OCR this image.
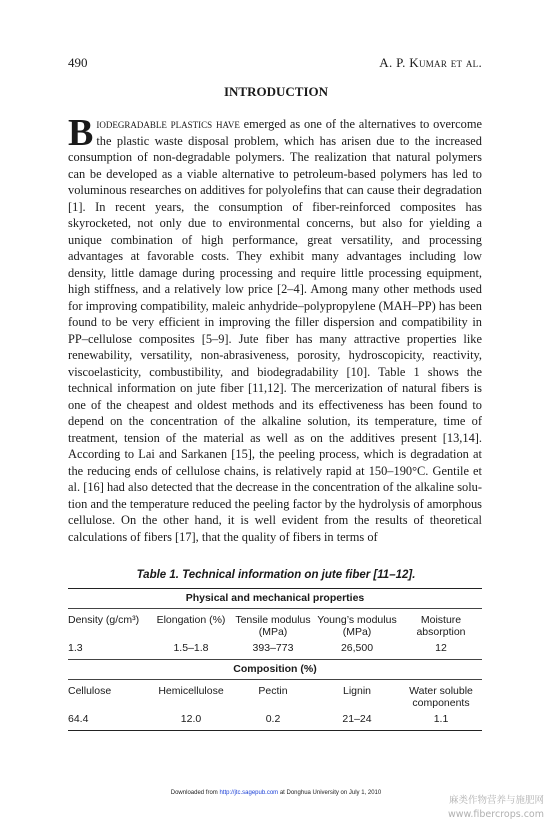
490	A. P. Kumar et al.
INTRODUCTION

Biodegradable plastics have emerged as one of the alternatives to overcome the plastic waste disposal problem, which has arisen due to the increased consumption of non-degradable polymers. The realization that natural polymers can be developed as a viable alternative to petroleum-based polymers has led to voluminous researches on additives for polyolefins that can cause their degradation [1]. In recent years, the consumption of fiber-reinforced composites has skyrocketed, not only due to environmental concerns, but also for yielding a unique combination of high performance, great versatility, and processing advantages at favorable costs. They exhibit many advantages including low density, little damage during processing and require little processing equipment, high stiffness, and a relatively low price [2–4]. Among many other methods used for improving compatibility, maleic anhydride–polypropylene (MAH–PP) has been found to be very efficient in improving the filler dispersion and compatibility in PP–cellulose composites [5–9]. Jute fiber has many attractive properties like renewability, versatility, non-abrasiveness, porosity, hydroscopicity, reactivity, viscoelasticity, combustibility, and biodegradability [10]. Table 1 shows the technical information on jute fiber [11,12]. The mercerization of natural fibers is one of the cheapest and oldest methods and its effectiveness has been found to depend on the concentration of the alkaline solution, its temperature, time of treatment, tension of the material as well as on the additives present [13,14]. According to Lai and Sarkanen [15], the peeling process, which is degradation at the reducing ends of cellulose chains, is relatively rapid at 150–190°C. Gentile et al. [16] had also detected that the decrease in the concentration of the alkaline solution and the temperature reduced the peeling factor by the hydrolysis of amorphous cellulose. On the other hand, it is well evident from the results of theoretical calculations of fibers [17], that the quality of fibers in terms of

Table 1. Technical information on jute fiber [11–12].
Physical and mechanical properties
Density (g/cm³)	Elongation (%)	Tensile modulus (MPa)	Young’s modulus (MPa)	Moisture absorption
1.3	1.5–1.8	393–773	26,500	12
Composition (%)
Cellulose	Hemicellulose	Pectin	Lignin	Water soluble components
64.4	12.0	0.2	21–24	1.1
Downloaded from http://jtc.sagepub.com at Donghua University on July 1, 2010
麻类作物营养与施肥网
www.fibercrops.com
